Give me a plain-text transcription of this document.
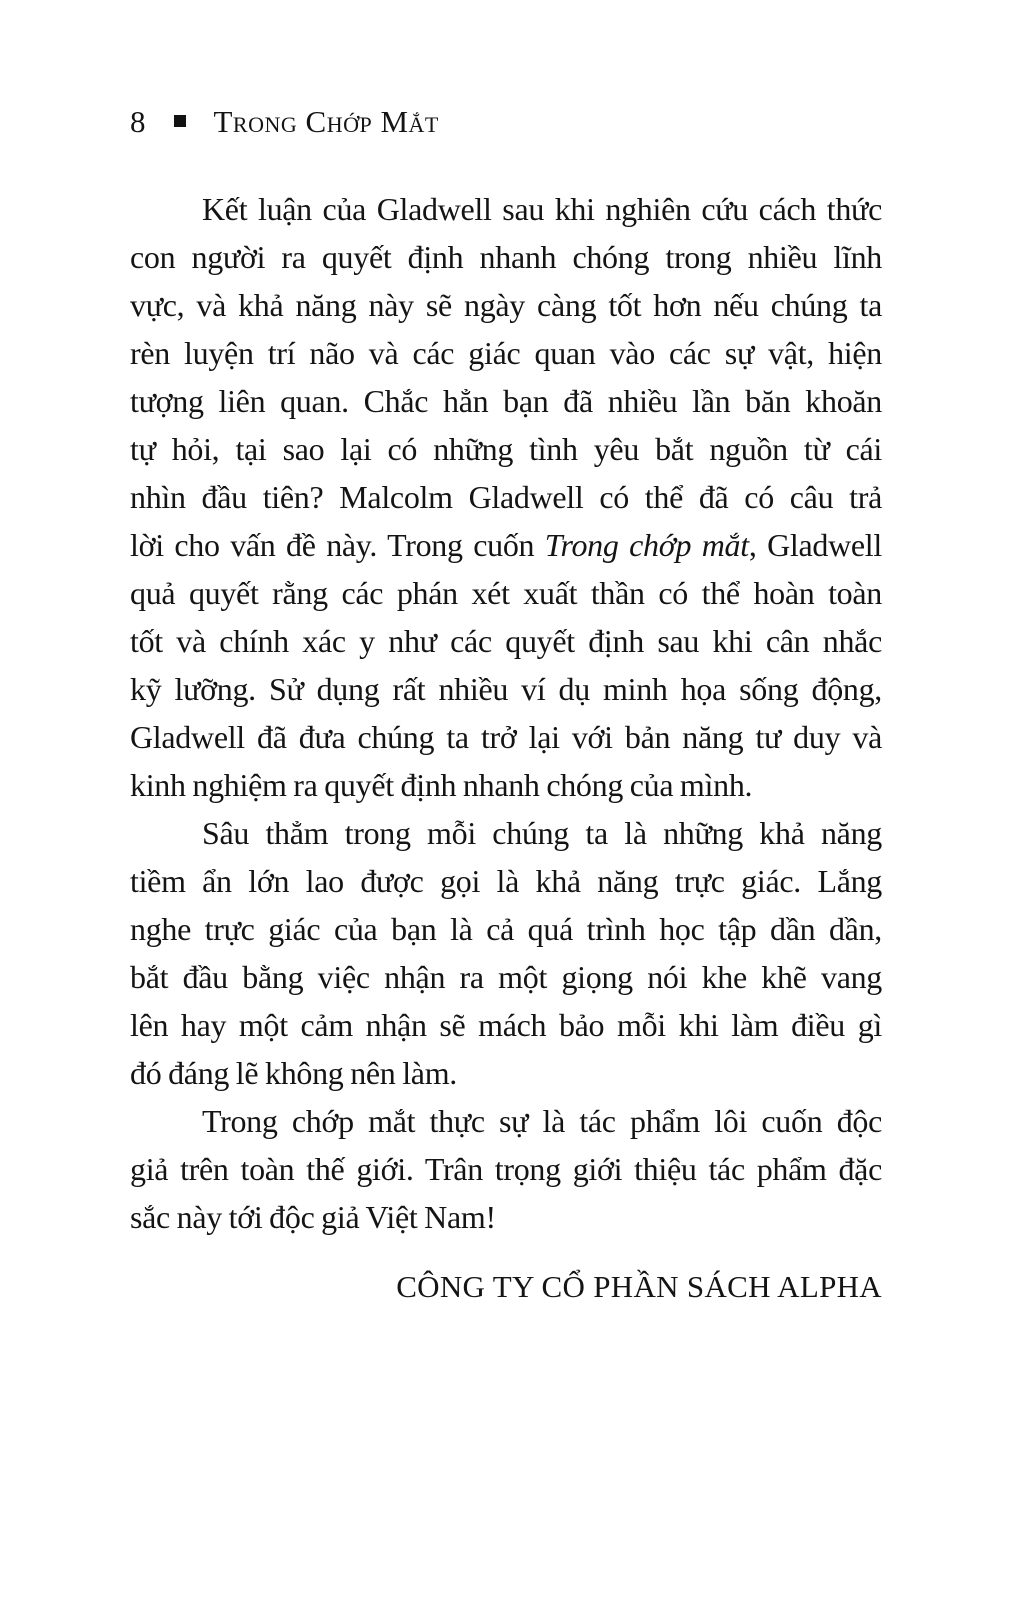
8 Trong Chớp Mắt
Kết luận của Gladwell sau khi nghiên cứu cách thức
con người ra quyết định nhanh chóng trong nhiều lĩnh
vực, và khả năng này sẽ ngày càng tốt hơn nếu chúng ta
rèn luyện trí não và các giác quan vào các sự vật, hiện
tượng liên quan. Chắc hẳn bạn đã nhiều lần băn khoăn
tự hỏi, tại sao lại có những tình yêu bắt nguồn từ cái
nhìn đầu tiên? Malcolm Gladwell có thể đã có câu trả
lời cho vấn đề này. Trong cuốn Trong chớp mắt, Gladwell
quả quyết rằng các phán xét xuất thần có thể hoàn toàn
tốt và chính xác y như các quyết định sau khi cân nhắc
kỹ lưỡng. Sử dụng rất nhiều ví dụ minh họa sống động,
Gladwell đã đưa chúng ta trở lại với bản năng tư duy và
kinh nghiệm ra quyết định nhanh chóng của mình.
Sâu thẳm trong mỗi chúng ta là những khả năng
tiềm ẩn lớn lao được gọi là khả năng trực giác. Lắng
nghe trực giác của bạn là cả quá trình học tập dần dần,
bắt đầu bằng việc nhận ra một giọng nói khe khẽ vang
lên hay một cảm nhận sẽ mách bảo mỗi khi làm điều gì
đó đáng lẽ không nên làm.
Trong chớp mắt thực sự là tác phẩm lôi cuốn độc
giả trên toàn thế giới. Trân trọng giới thiệu tác phẩm đặc
sắc này tới độc giả Việt Nam!
CÔNG TY CỔ PHẦN SÁCH ALPHA
